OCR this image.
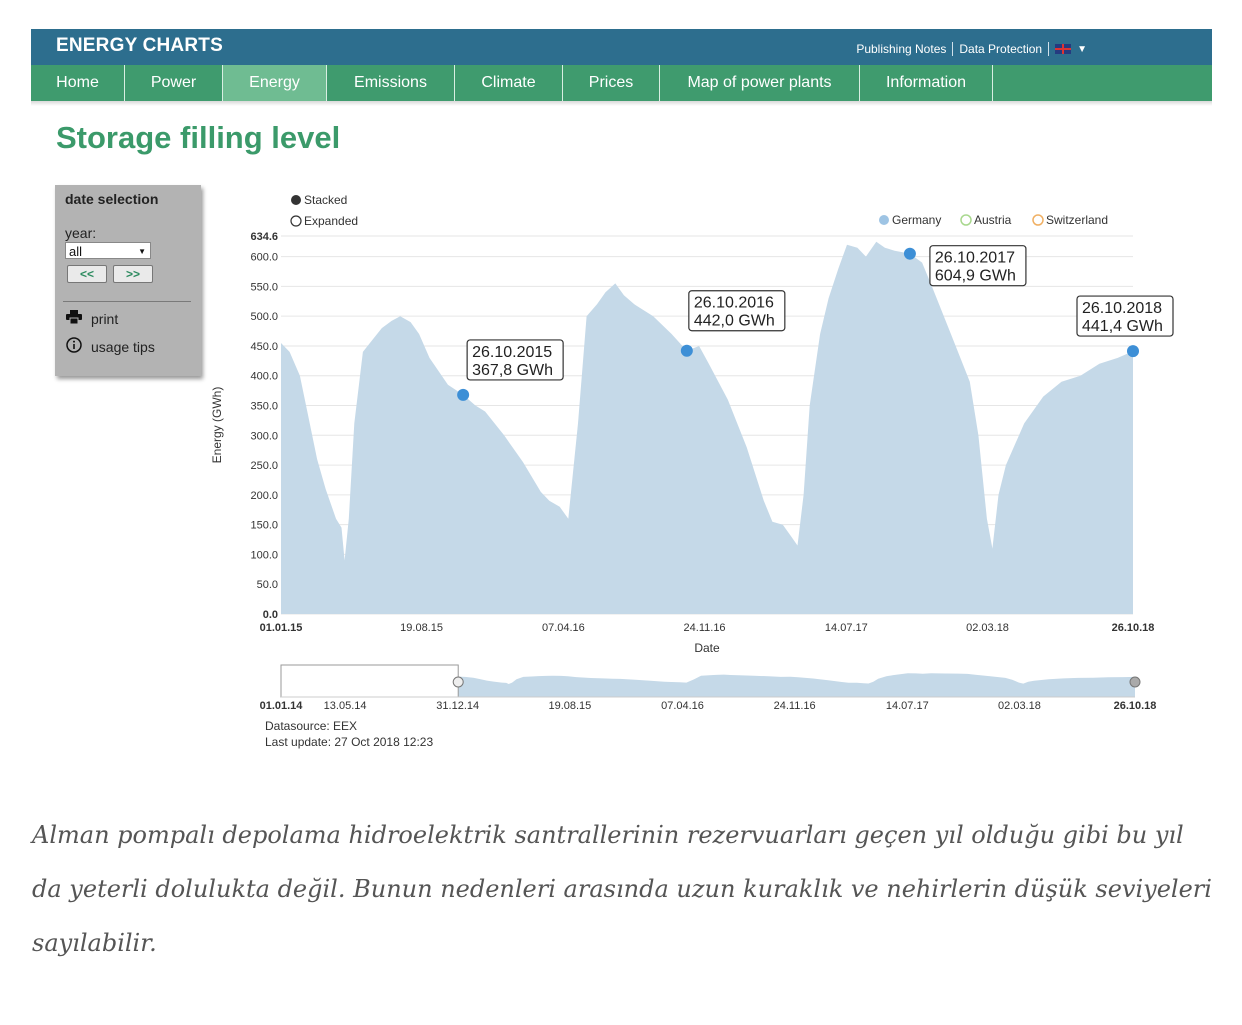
ENERGY CHARTS	Publishing Notes	Data Protection	▼
Home	Power	Energy	Emissions	Climate	Prices	Map of power plants	Information
Storage filling level
date selection
year:
all	▼
<<	>>
print
usage tips
Stacked
Expanded	Germany	Austria	Switzerland
0.0
50.0
100.0
150.0
200.0
250.0
300.0
350.0
400.0
450.0
500.0
550.0
600.0
634.6
01.01.15	19.08.15	07.04.16	24.11.16	14.07.17	02.03.18	26.10.18
Energy (GWh)
Date
26.10.2015
367,8 GWh
26.10.2016
442,0 GWh
26.10.2017
604,9 GWh
26.10.2018
441,4 GWh
01.01.14 13.05.14	31.12.14	19.08.15	07.04.16	24.11.16	14.07.17	02.03.18	26.10.18
Datasource: EEX
Last update: 27 Oct 2018 12:23
Alman pompalı depolama hidroelektrik santrallerinin rezervuarları geçen yıl olduğu gibi bu yıl da yeterli dolulukta değil. Bunun nedenleri arasında uzun kuraklık ve nehirlerin düşük seviyeleri sayılabilir.
